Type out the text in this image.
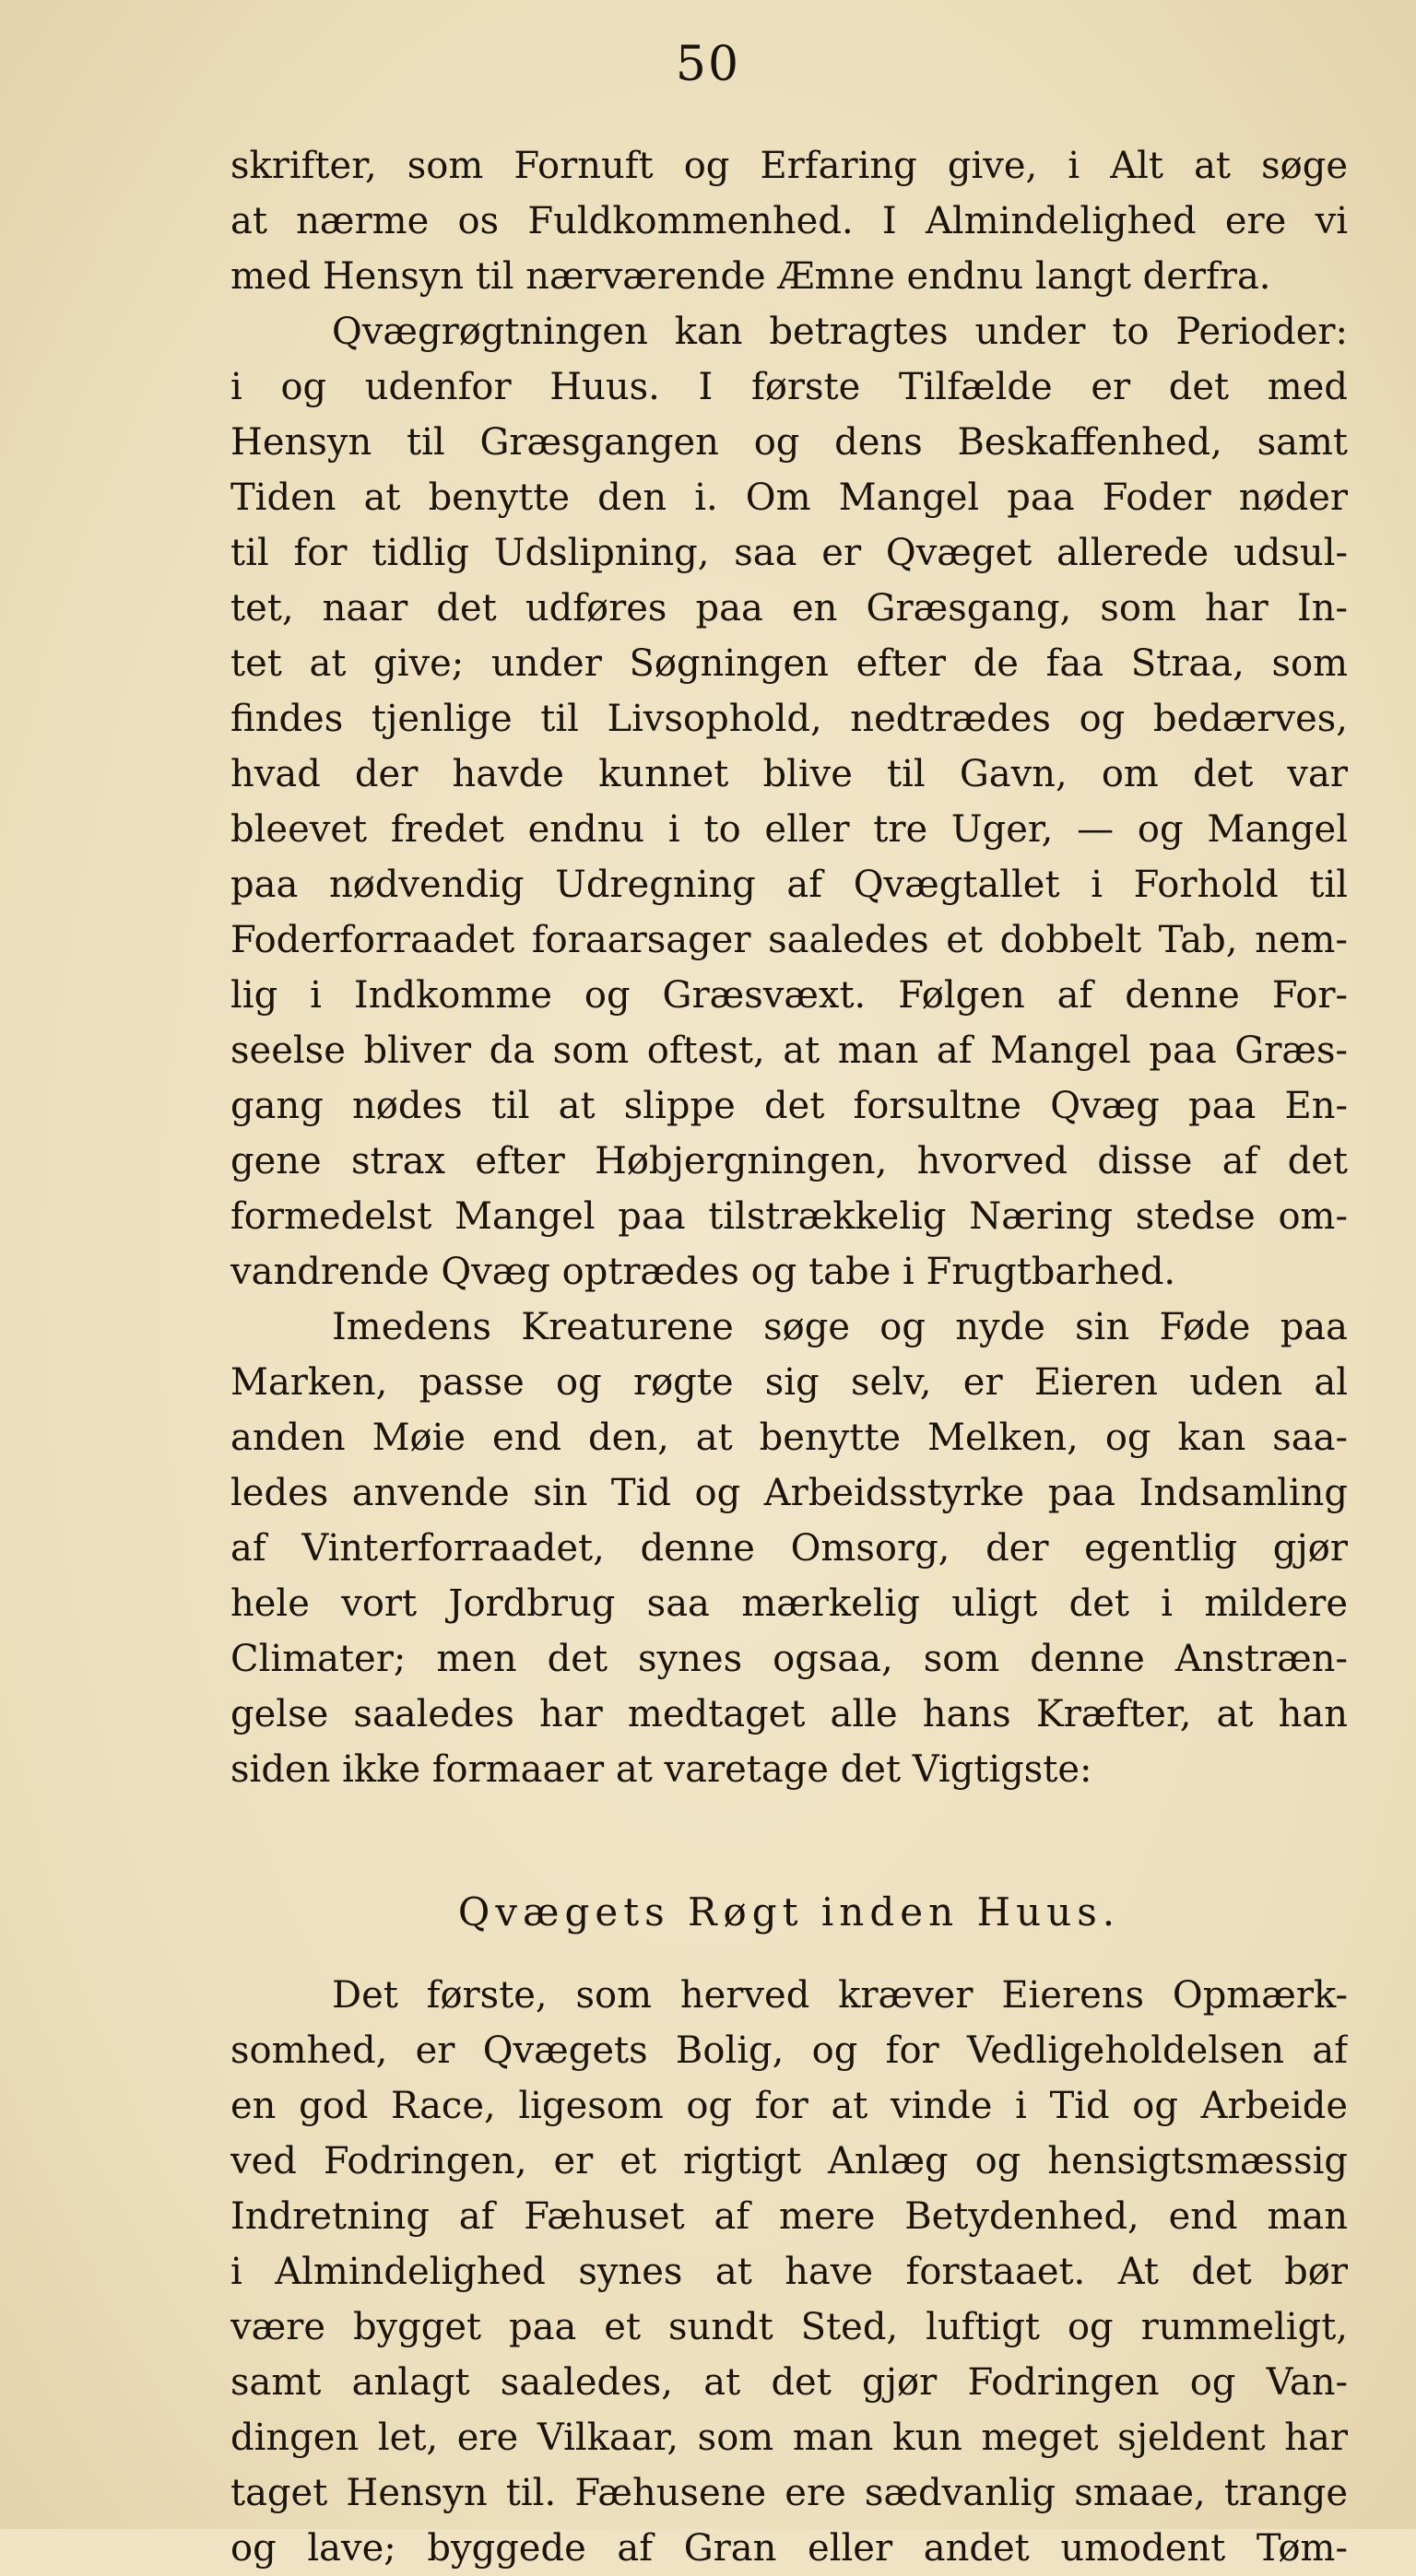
50
skrifter, som Fornuft og Erfaring give, i Alt at søge
at nærme os Fuldkommenhed. I Almindelighed ere vi
med Hensyn til nærværende Æmne endnu langt derfra.
Qvægrøgtningen kan betragtes under to Perioder:
i og udenfor Huus. I første Tilfælde er det med
Hensyn til Græsgangen og dens Beskaffenhed, samt
Tiden at benytte den i. Om Mangel paa Foder nøder
til for tidlig Udslipning, saa er Qvæget allerede udsul-
tet, naar det udføres paa en Græsgang, som har In-
tet at give; under Søgningen efter de faa Straa, som
findes tjenlige til Livsophold, nedtrædes og bedærves,
hvad der havde kunnet blive til Gavn, om det var
bleevet fredet endnu i to eller tre Uger, — og Mangel
paa nødvendig Udregning af Qvægtallet i Forhold til
Foderforraadet foraarsager saaledes et dobbelt Tab, nem-
lig i Indkomme og Græsvæxt. Følgen af denne For-
seelse bliver da som oftest, at man af Mangel paa Græs-
gang nødes til at slippe det forsultne Qvæg paa En-
gene strax efter Høbjergningen, hvorved disse af det
formedelst Mangel paa tilstrækkelig Næring stedse om-
vandrende Qvæg optrædes og tabe i Frugtbarhed.
Imedens Kreaturene søge og nyde sin Føde paa
Marken, passe og røgte sig selv, er Eieren uden al
anden Møie end den, at benytte Melken, og kan saa-
ledes anvende sin Tid og Arbeidsstyrke paa Indsamling
af Vinterforraadet, denne Omsorg, der egentlig gjør
hele vort Jordbrug saa mærkelig uligt det i mildere
Climater; men det synes ogsaa, som denne Anstræn-
gelse saaledes har medtaget alle hans Kræfter, at han
siden ikke formaaer at varetage det Vigtigste:
Qvægets Røgt inden Huus.
Det første, som herved kræver Eierens Opmærk-
somhed, er Qvægets Bolig, og for Vedligeholdelsen af
en god Race, ligesom og for at vinde i Tid og Arbeide
ved Fodringen, er et rigtigt Anlæg og hensigtsmæssig
Indretning af Fæhuset af mere Betydenhed, end man
i Almindelighed synes at have forstaaet. At det bør
være bygget paa et sundt Sted, luftigt og rummeligt,
samt anlagt saaledes, at det gjør Fodringen og Van-
dingen let, ere Vilkaar, som man kun meget sjeldent har
taget Hensyn til. Fæhusene ere sædvanlig smaae, trange
og lave; byggede af Gran eller andet umodent Tøm-
